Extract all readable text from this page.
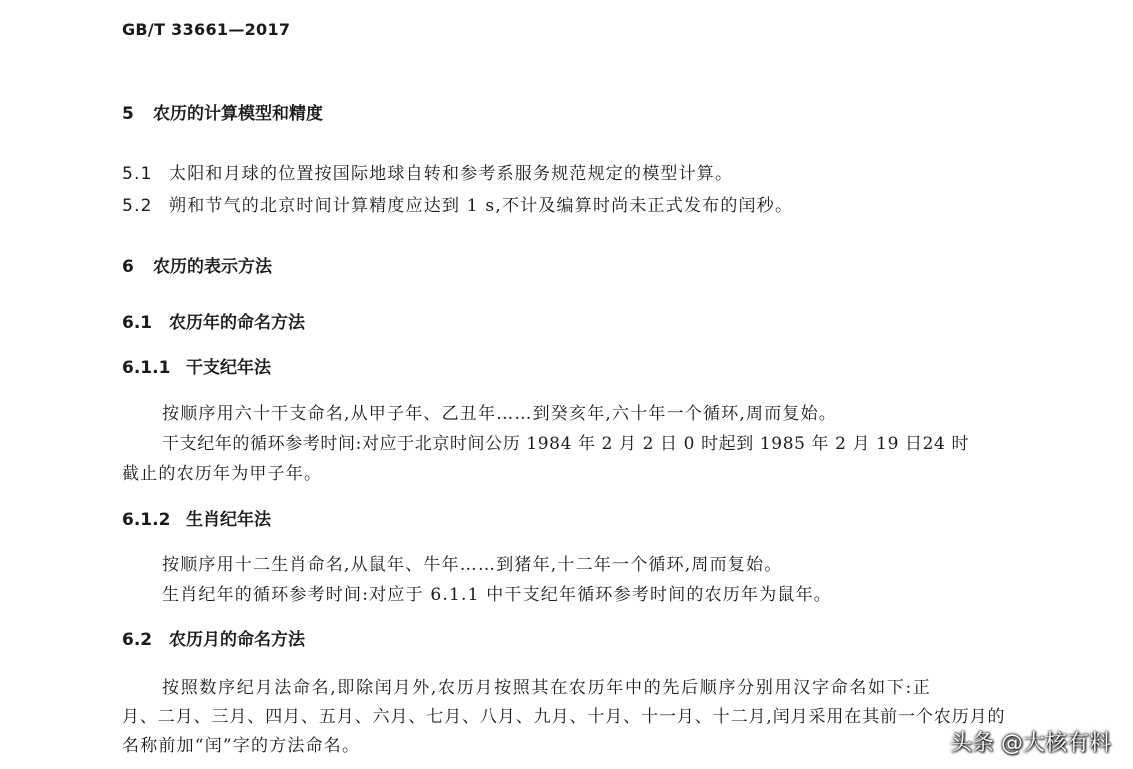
GB/T 33661—2017
5 农历的计算模型和精度
5.1 太阳和月球的位置按国际地球自转和参考系服务规范规定的模型计算。
5.2 朔和节气的北京时间计算精度应达到 1 s,不计及编算时尚未正式发布的闰秒。
6 农历的表示方法
6.1 农历年的命名方法
6.1.1 干支纪年法
按顺序用六十干支命名,从甲子年、乙丑年……到癸亥年,六十年一个循环,周而复始。
干支纪年的循环参考时间:对应于北京时间公历 1984 年 2 月 2 日 0 时起到 1985 年 2 月 19 日24 时
截止的农历年为甲子年。
6.1.2 生肖纪年法
按顺序用十二生肖命名,从鼠年、牛年……到猪年,十二年一个循环,周而复始。
生肖纪年的循环参考时间:对应于 6.1.1 中干支纪年循环参考时间的农历年为鼠年。
6.2 农历月的命名方法
按照数序纪月法命名,即除闰月外,农历月按照其在农历年中的先后顺序分别用汉字命名如下:正
月、二月、三月、四月、五月、六月、七月、八月、九月、十月、十一月、十二月,闰月采用在其前一个农历月的
名称前加“闰”字的方法命名。	头条 @大核有料
